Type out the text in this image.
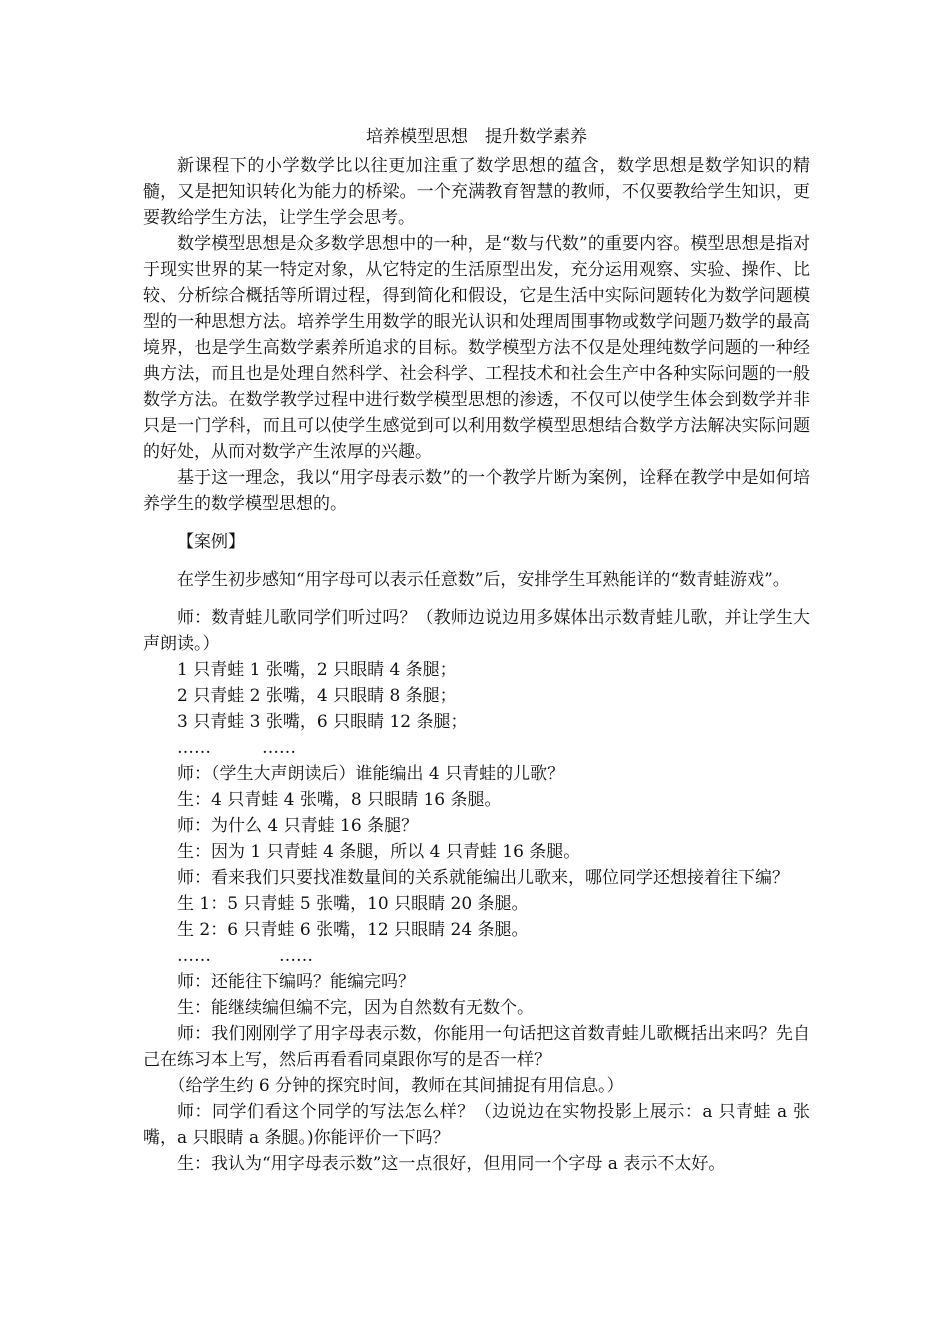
培养模型思想　提升数学素养

新课程下的小学数学比以往更加注重了数学思想的蕴含，数学思想是数学知识的精髓，又是把知识转化为能力的桥梁。一个充满教育智慧的教师，不仅要教给学生知识，更要教给学生方法，让学生学会思考。

数学模型思想是众多数学思想中的一种，是“数与代数”的重要内容。模型思想是指对于现实世界的某一特定对象，从它特定的生活原型出发，充分运用观察、实验、操作、比较、分析综合概括等所谓过程，得到简化和假设，它是生活中实际问题转化为数学问题模型的一种思想方法。培养学生用数学的眼光认识和处理周围事物或数学问题乃数学的最高境界，也是学生高数学素养所追求的目标。数学模型方法不仅是处理纯数学问题的一种经典方法，而且也是处理自然科学、社会科学、工程技术和社会生产中各种实际问题的一般数学方法。在数学教学过程中进行数学模型思想的渗透，不仅可以使学生体会到数学并非只是一门学科，而且可以使学生感觉到可以利用数学模型思想结合数学方法解决实际问题的好处，从而对数学产生浓厚的兴趣。

基于这一理念，我以“用字母表示数”的一个教学片断为案例，诠释在教学中是如何培养学生的数学模型思想的。

【案例】

在学生初步感知“用字母可以表示任意数”后，安排学生耳熟能详的“数青蛙游戏”。

师：数青蛙儿歌同学们听过吗？（教师边说边用多媒体出示数青蛙儿歌，并让学生大声朗读。）

1 只青蛙 1 张嘴，2 只眼睛 4 条腿；

2 只青蛙 2 张嘴，4 只眼睛 8 条腿；

3 只青蛙 3 张嘴，6 只眼睛 12 条腿；

……　　　……

师：（学生大声朗读后）谁能编出 4 只青蛙的儿歌？

生：4 只青蛙 4 张嘴，8 只眼睛 16 条腿。

师：为什么 4 只青蛙 16 条腿？

生：因为 1 只青蛙 4 条腿，所以 4 只青蛙 16 条腿。

师：看来我们只要找准数量间的关系就能编出儿歌来，哪位同学还想接着往下编？

生 1：5 只青蛙 5 张嘴，10 只眼睛 20 条腿。

生 2：6 只青蛙 6 张嘴，12 只眼睛 24 条腿。

……　　　　……

师：还能往下编吗？能编完吗？

生：能继续编但编不完，因为自然数有无数个。

师：我们刚刚学了用字母表示数，你能用一句话把这首数青蛙儿歌概括出来吗？先自己在练习本上写，然后再看看同桌跟你写的是否一样？

（给学生约 6 分钟的探究时间，教师在其间捕捉有用信息。）

师：同学们看这个同学的写法怎么样？（边说边在实物投影上展示：a 只青蛙 a 张嘴，a 只眼睛 a 条腿。)你能评价一下吗？

生：我认为“用字母表示数”这一点很好，但用同一个字母 a 表示不太好。
